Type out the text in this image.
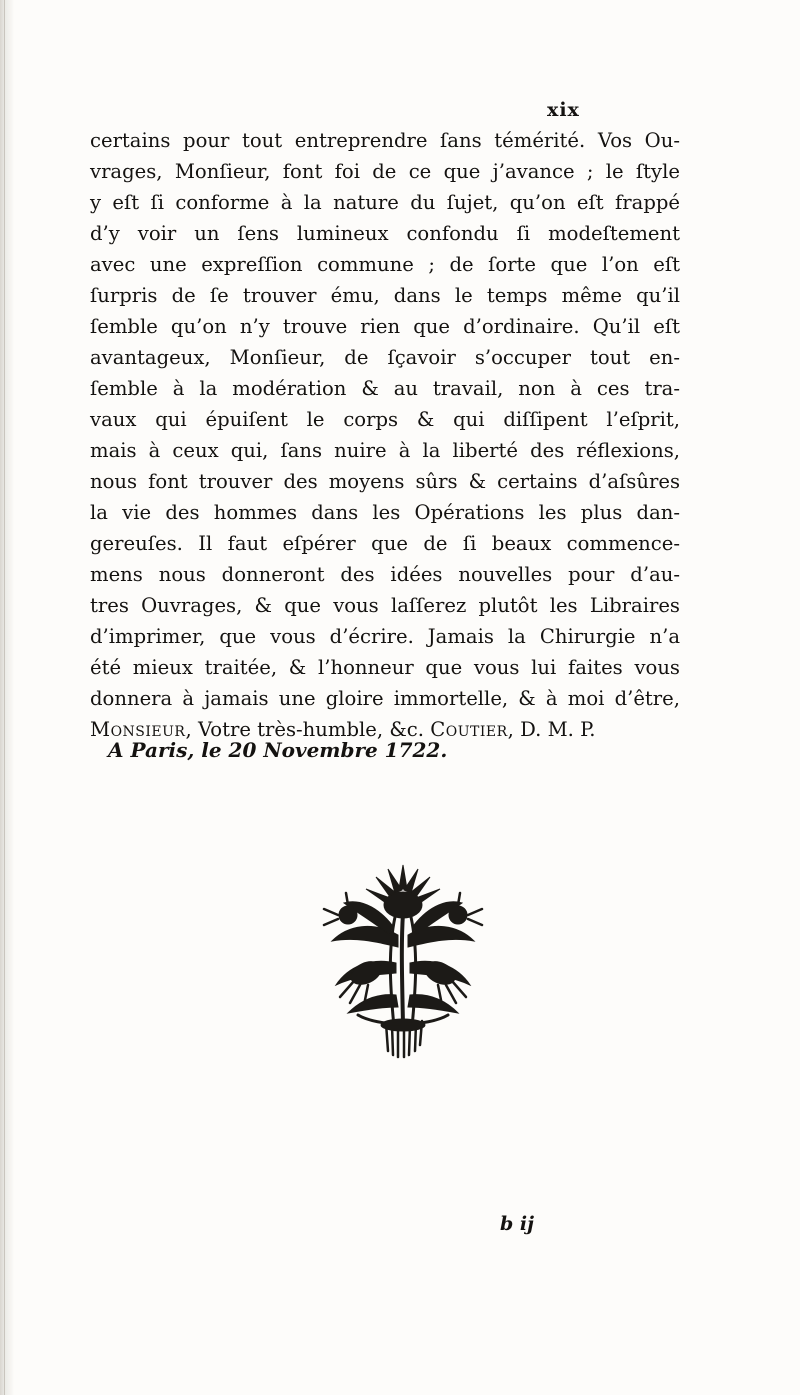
xix
certains pour tout entreprendre ſans témérité. Vos Ou-
vrages, Monſieur, font foi de ce que j’avance ; le ſtyle
y eſt ſi conforme à la nature du ſujet, qu’on eſt frappé
d’y voir un ſens lumineux confondu ſi modeſtement
avec une expreſſion commune ; de ſorte que l’on eſt
ſurpris de ſe trouver ému, dans le temps même qu’il
ſemble qu’on n’y trouve rien que d’ordinaire. Qu’il eſt
avantageux, Monſieur, de ſçavoir s’occuper tout en-
ſemble à la modération & au travail, non à ces tra-
vaux qui épuiſent le corps & qui diſſipent l’eſprit,
mais à ceux qui, ſans nuire à la liberté des réflexions,
nous font trouver des moyens sûrs & certains d’aſsûres
la vie des hommes dans les Opérations les plus dan-
gereuſes. Il faut eſpérer que de ſi beaux commence-
mens nous donneront des idées nouvelles pour d’au-
tres Ouvrages, & que vous laſſerez plutôt les Libraires
d’imprimer, que vous d’écrire. Jamais la Chirurgie n’a
été mieux traitée, & l’honneur que vous lui faites vous
donnera à jamais une gloire immortelle, & à moi d’être,
Monsieur, Votre très-humble, &c. Coutier, D. M. P.
A Paris, le 20 Novembre 1722.
b ij
